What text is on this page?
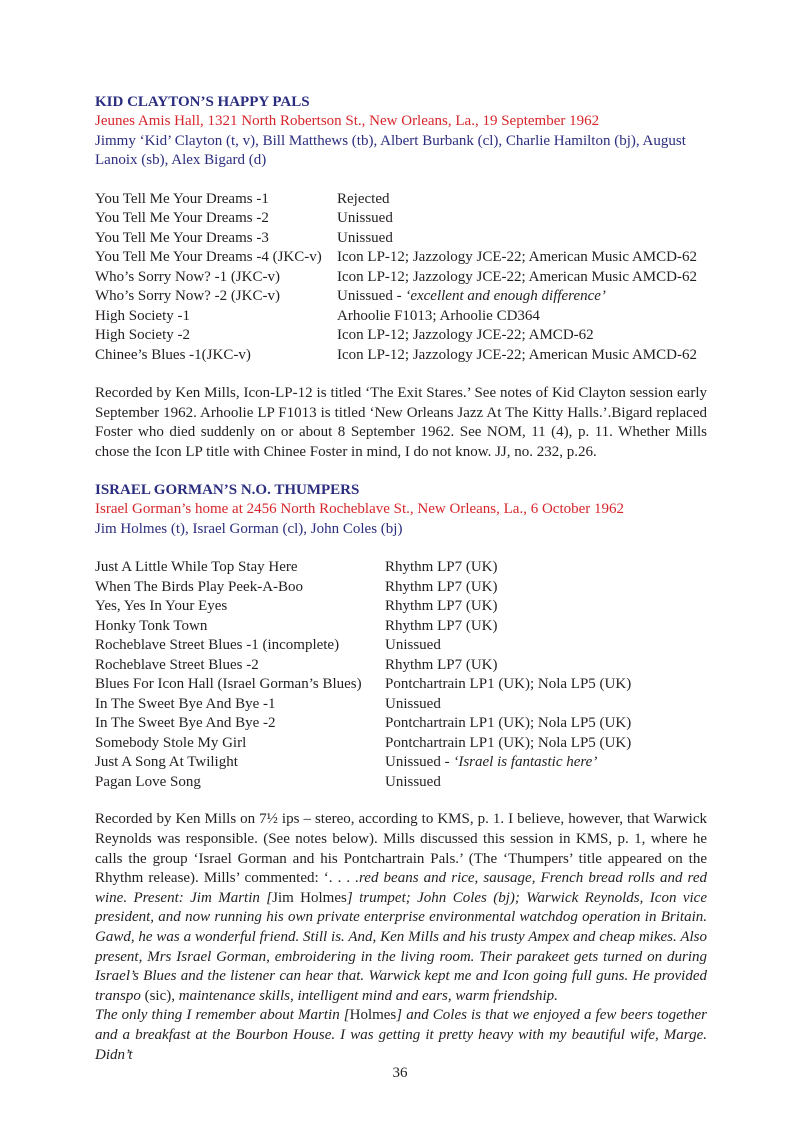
KID CLAYTON’S HAPPY PALS
Jeunes Amis Hall, 1321 North Robertson St., New Orleans, La., 19 September 1962
Jimmy ‘Kid’ Clayton (t, v), Bill Matthews (tb), Albert Burbank (cl), Charlie Hamilton (bj), August Lanoix (sb), Alex Bigard (d)
You Tell Me Your Dreams -1	Rejected
You Tell Me Your Dreams -2	Unissued
You Tell Me Your Dreams -3	Unissued
You Tell Me Your Dreams -4 (JKC-v)	Icon LP-12; Jazzology JCE-22; American Music AMCD-62
Who’s Sorry Now? -1 (JKC-v)	Icon LP-12; Jazzology JCE-22; American Music AMCD-62
Who’s Sorry Now? -2 (JKC-v)	Unissued - ‘excellent and enough difference’
High Society -1	Arhoolie F1013; Arhoolie CD364
High Society -2	Icon LP-12; Jazzology JCE-22; AMCD-62
Chinee’s Blues -1(JKC-v)	Icon LP-12; Jazzology JCE-22; American Music AMCD-62

Recorded by Ken Mills, Icon-LP-12 is titled ‘The Exit Stares.’ See notes of Kid Clayton session early September 1962. Arhoolie LP F1013 is titled ‘New Orleans Jazz At The Kitty Halls.’.Bigard replaced Foster who died suddenly on or about 8 September 1962. See NOM, 11 (4), p. 11. Whether Mills chose the Icon LP title with Chinee Foster in mind, I do not know. JJ, no. 232, p.26.

ISRAEL GORMAN’S N.O. THUMPERS
Israel Gorman’s home at 2456 North Rocheblave St., New Orleans, La., 6 October 1962
Jim Holmes (t), Israel Gorman (cl), John Coles (bj)
Just A Little While Top Stay Here	Rhythm LP7 (UK)
When The Birds Play Peek-A-Boo	Rhythm LP7 (UK)
Yes, Yes In Your Eyes	Rhythm LP7 (UK)
Honky Tonk Town	Rhythm LP7 (UK)
Rocheblave Street Blues -1 (incomplete)	Unissued
Rocheblave Street Blues -2	Rhythm LP7 (UK)
Blues For Icon Hall (Israel Gorman’s Blues)	Pontchartrain LP1 (UK); Nola LP5 (UK)
In The Sweet Bye And Bye -1	Unissued
In The Sweet Bye And Bye -2	Pontchartrain LP1 (UK); Nola LP5 (UK)
Somebody Stole My Girl	Pontchartrain LP1 (UK); Nola LP5 (UK)
Just A Song At Twilight	Unissued - ‘Israel is fantastic here’
Pagan Love Song	Unissued

Recorded by Ken Mills on 7½ ips – stereo, according to KMS, p. 1. I believe, however, that Warwick Reynolds was responsible. (See notes below). Mills discussed this session in KMS, p. 1, where he calls the group ‘Israel Gorman and his Pontchartrain Pals.’ (The ‘Thumpers’ title appeared on the Rhythm release). Mills’ commented: ‘. . . .red beans and rice, sausage, French bread rolls and red wine. Present: Jim Martin [Jim Holmes] trumpet; John Coles (bj); Warwick Reynolds, Icon vice president, and now running his own private enterprise environmental watchdog operation in Britain. Gawd, he was a wonderful friend. Still is. And, Ken Mills and his trusty Ampex and cheap mikes. Also present, Mrs Israel Gorman, embroidering in the living room. Their parakeet gets turned on during Israel’s Blues and the listener can hear that. Warwick kept me and Icon going full guns. He provided transpo (sic), maintenance skills, intelligent mind and ears, warm friendship.
The only thing I remember about Martin [Holmes] and Coles is that we enjoyed a few beers together and a breakfast at the Bourbon House. I was getting it pretty heavy with my beautiful wife, Marge. Didn’t

36
